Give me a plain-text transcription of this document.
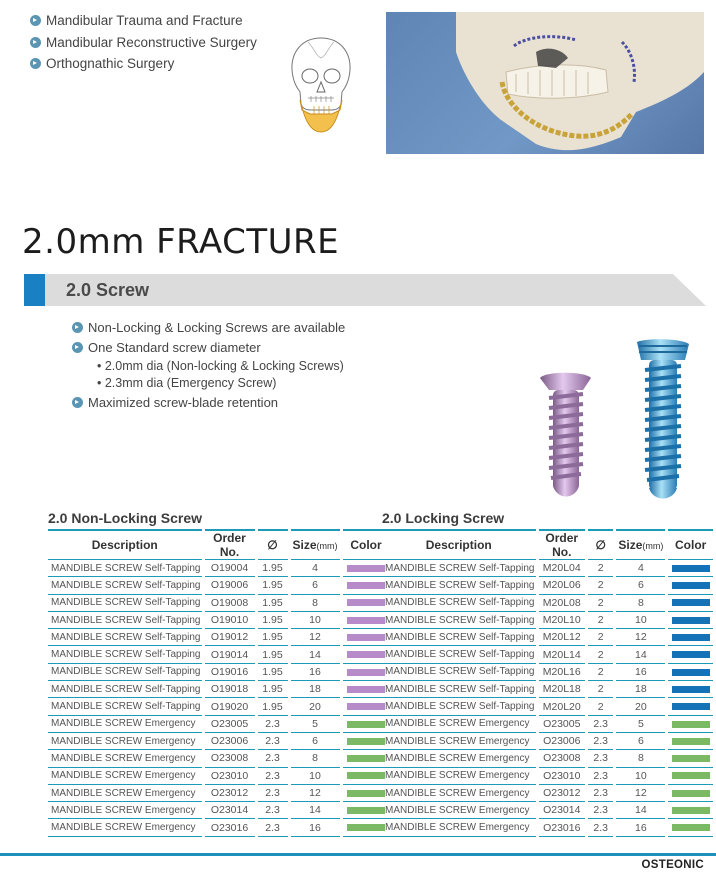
Mandibular Trauma and Fracture
Mandibular Reconstructive Surgery
Orthognathic Surgery
2.0mm FRACTURE
2.0 Screw
Non-Locking & Locking Screws are available
One Standard screw diameter
• 2.0mm dia (Non-locking & Locking Screws)
• 2.3mm dia (Emergency Screw)
Maximized screw-blade retention
2.0 Non-Locking Screw
Description	Order No.	∅	Size(mm)	Color
MANDIBLE SCREW Self-Tapping	O19004	1.95	4	
MANDIBLE SCREW Self-Tapping	O19006	1.95	6	
MANDIBLE SCREW Self-Tapping	O19008	1.95	8	
MANDIBLE SCREW Self-Tapping	O19010	1.95	10	
MANDIBLE SCREW Self-Tapping	O19012	1.95	12	
MANDIBLE SCREW Self-Tapping	O19014	1.95	14	
MANDIBLE SCREW Self-Tapping	O19016	1.95	16	
MANDIBLE SCREW Self-Tapping	O19018	1.95	18	
MANDIBLE SCREW Self-Tapping	O19020	1.95	20	
MANDIBLE SCREW Emergency	O23005	2.3	5	
MANDIBLE SCREW Emergency	O23006	2.3	6	
MANDIBLE SCREW Emergency	O23008	2.3	8	
MANDIBLE SCREW Emergency	O23010	2.3	10	
MANDIBLE SCREW Emergency	O23012	2.3	12	
MANDIBLE SCREW Emergency	O23014	2.3	14	
MANDIBLE SCREW Emergency	O23016	2.3	16	
2.0 Locking Screw
Description	Order No.	∅	Size(mm)	Color
MANDIBLE SCREW Self-Tapping	M20L04	2	4	
MANDIBLE SCREW Self-Tapping	M20L06	2	6	
MANDIBLE SCREW Self-Tapping	M20L08	2	8	
MANDIBLE SCREW Self-Tapping	M20L10	2	10	
MANDIBLE SCREW Self-Tapping	M20L12	2	12	
MANDIBLE SCREW Self-Tapping	M20L14	2	14	
MANDIBLE SCREW Self-Tapping	M20L16	2	16	
MANDIBLE SCREW Self-Tapping	M20L18	2	18	
MANDIBLE SCREW Self-Tapping	M20L20	2	20	
MANDIBLE SCREW Emergency	O23005	2.3	5	
MANDIBLE SCREW Emergency	O23006	2.3	6	
MANDIBLE SCREW Emergency	O23008	2.3	8	
MANDIBLE SCREW Emergency	O23010	2.3	10	
MANDIBLE SCREW Emergency	O23012	2.3	12	
MANDIBLE SCREW Emergency	O23014	2.3	14	
MANDIBLE SCREW Emergency	O23016	2.3	16	
OSTEONIC
